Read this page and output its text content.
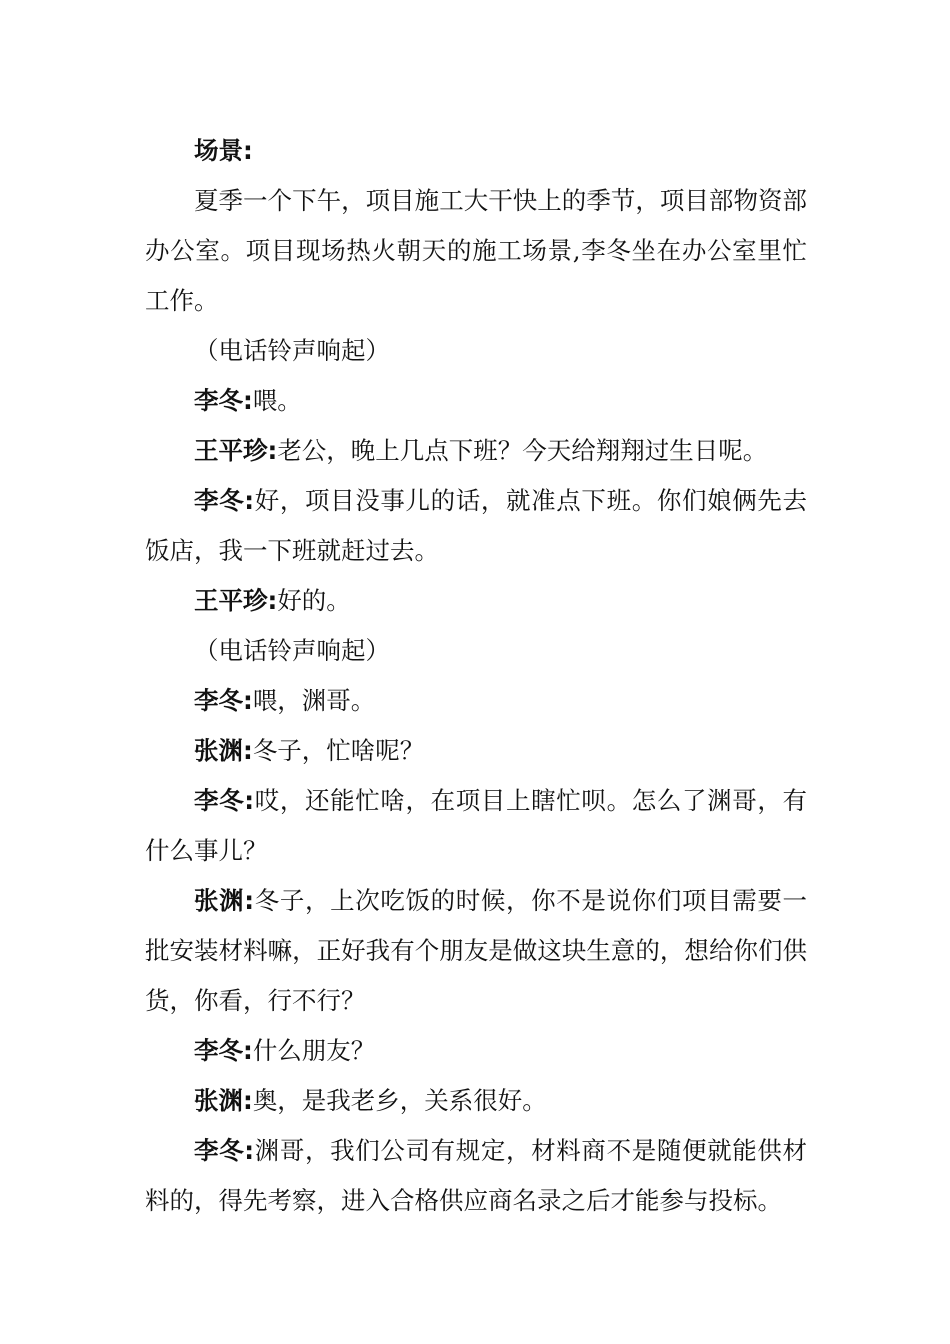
场景:

夏季一个下午，项目施工大干快上的季节，项目部物资部办公室。项目现场热火朝天的施工场景,李冬坐在办公室里忙工作。

（电话铃声响起）

李冬:喂。

王平珍:老公，晚上几点下班？今天给翔翔过生日呢。

李冬:好，项目没事儿的话，就准点下班。你们娘俩先去饭店，我一下班就赶过去。

王平珍:好的。

（电话铃声响起）

李冬:喂，渊哥。

张渊:冬子，忙啥呢？

李冬:哎，还能忙啥，在项目上瞎忙呗。怎么了渊哥，有什么事儿？

张渊:冬子，上次吃饭的时候，你不是说你们项目需要一批安装材料嘛，正好我有个朋友是做这块生意的，想给你们供货，你看，行不行？

李冬:什么朋友？

张渊:奥，是我老乡，关系很好。

李冬:渊哥，我们公司有规定，材料商不是随便就能供材料的，得先考察，进入合格供应商名录之后才能参与投标。
